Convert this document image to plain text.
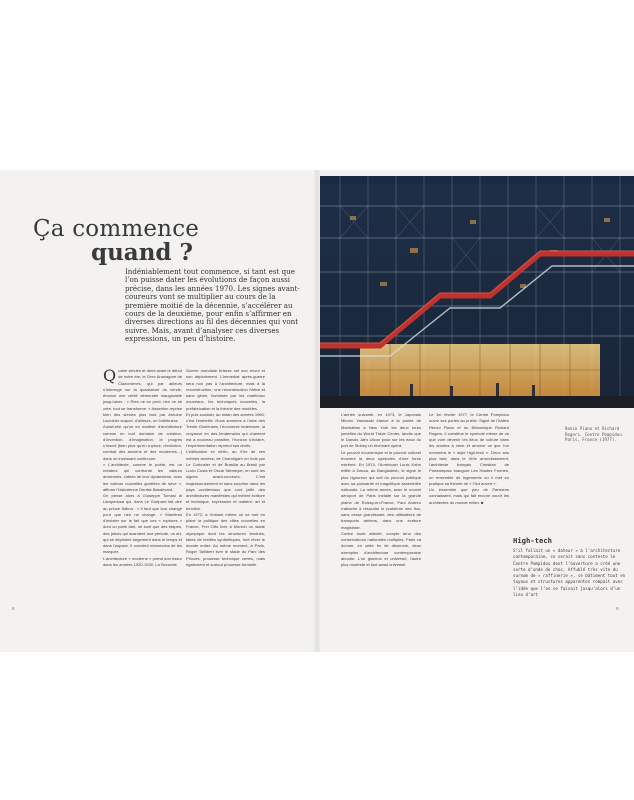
Ça commence
quand ?
Indéniablement tout commence, si tant est que l’on puisse dater les évolutions de façon aussi précise, dans les années 1970. Les signes avant-coureurs vont se multiplier au cours de la première moitié de la décennie, s’accélérer au cours de la deuxième, pour enfin s’affirmer en diverses directions au fil des décennies qui vont suivre. Mais, avant d’analyser ces diverses expressions, un peu d’histoire.

Quatre siècles et demi avant le début de notre ère, le Grec Anaxagore de Clazomènes, qui par ailleurs s’interroge sur la quadrature du cercle, énonce une vérité demeurée inaugurable jusqu’alors : « Rien ne se perd, rien ne se crée, tout se transforme. » Assertion reprise bien des siècles plus tard par Antoine Lavoisier auquel, d’ailleurs, on l’attribuera.

Aurait-elle qu’on en matière d’architecture comme en tout domaine de création, d’invention, d’imagination, le progrès s’inscrit [bien plus qu’en rupture, révolution, combat des anciens et des modernes…] dans un incessant continuum.

« L’architecte, comme le poète, est un créateur qui confronte les valeurs anciennes, vidées de leur dynamisme, avec les valeurs nouvelles gonflées de sève », affirme l’historienne Denise Basdevant.

On pense alors à Giuseppe Tomasi di Lampedusa qui, dans Le Guépard fait dire au prince Salina : « Il faut que tout change pour que rien ne change. » Manières d’insister sur le fait que ces « ruptures » dont on parle tant, ne sont que des étapes, des jalons qui scandent une période, un art, qui se déploient largement dans le temps et dans l’espace. Il convient néanmoins de les marquer.

L’architecture « moderne » prend son essor dans les années 1920-1930. La Seconde

Guerre mondiale brisera net son envol et son déploiement. L’immédiat après-guerre sera non pas à l’architecture, mais à la reconstruction, une reconstruction hâtive et sans génie, favorisée par les matériaux nouveaux, les techniques nouvelles, la préfabrication et la théorie des modèles.

Et puis soudain, au mitan des années 1960, c’est l’embellie. Nous sommes à l’orée des Trente Glorieuses, l’économie redémarre, la croyance en des lendemains qui chantent est à nouveau possible, l’horizon s’éclaire, l’expérimentation reprend ses droits.

L’édification ex nihilo, au XXe de ces mêmes années, de Chandigarh en Inde par Le Corbusier et de Brasilia au Brésil par Lucio Costa et Oscar Niemeyer, en sont les signes avant-coureurs. C’est majestueusement et sans surprise dans les pays occidentaux que vont jaillir des architectures manifestes qui mêlent écriture et technique, expression et matière, art et fonction.

En 1972, à l’instant même où se met en place la politique des villes nouvelles en France, Frei Otto livre à Munich un stade olympique dont les structures tendues, faites de textiles synthétiques, font rêver le monde entier. Au même moment, à Paris, Roger Taillibert livre le stade du Parc des Princes, prouesse technique certes, mais également et surtout prouesse formelle.

Renzo Piano et Richard Rogers, Centre Pompidou Paris, France (1977).

L’année suivante, en 1973, le Japonais Minoru Yamasaki élance à la pointe de Manhattan à New York les deux tours jumelles du World Trade Center, tandis que le Danois Jørn Utzon pose sur les eaux du port de Sidney un étonnant opéra.

Le pouvoir économique et le pouvoir culturel trouvent là deux symboles d’une force extrême. En 1974, l’Américain Louis Kahn édifie à Dacca, au Bangladesh, le signe le plus rigoureux qui soit du pouvoir politique avec sa puissante et magnifique assemblée nationale. La même année, avec le nouvel aéroport de Paris installé sur la grande plaine de Roissy-en-France, Paul Andreu s’attache à résoudre le problème des flux, sans cesse grandissant, des utilisateurs de transports aériens, dans une écriture magistrale.

Contre toute attente, compte tenu des conservations nationales multiples, Paris va donner, en cette fin de décennie, deux exemples d’architecture contemporaine aboutie. L’un glorieux et universel, l’autre plus modeste et tout aussi universel.

Le 1er février 1977, le Centre Pompidou ouvre ses portes au public. Signé de l’Italien Renzo Piano et du Britannique Richard Rogers, il constitue le symbole même de ce que vont devenir les lieux de culture dans les années à venir et amorce ce que l’on nommera le « style high-tech ». Deux ans plus tard, dans le XIIIe arrondissement, l’architecte français Christian de Portzamparc inaugure Les Hautes Formes, un ensemble de logements où il met en pratique sa théorie de « l’îlot ouvert ».

Un ensemble que peu de Parisiens connaissent, mais qui fait encore courir les architectes du monde entier. ■

High-tech
S’il fallait un « dateur » à l’architecture contemporaine, ce serait sans conteste le Centre Pompidou dont l’ouverture a créé une sorte d’onde de choc. Affublé très vite du surnom de « raffinerie », ce bâtiment tout en tuyaux et structures apparentes rompait avec l’idée que l’on se faisait jusqu’alors d’un lieu d’art
8	9
